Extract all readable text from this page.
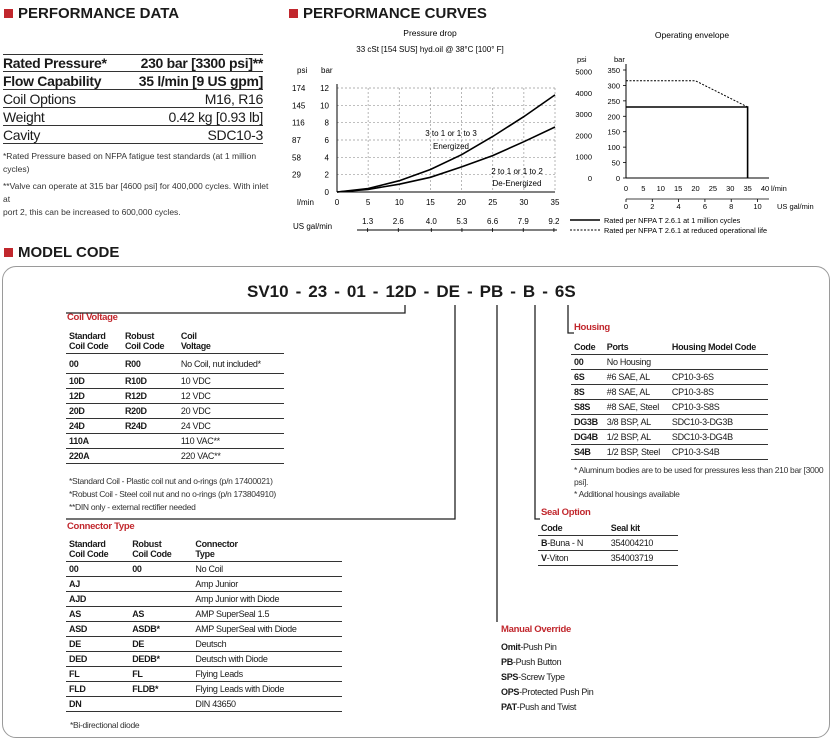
PERFORMANCE DATA
Rated Pressure* 230 bar [3300 psi]**
Flow Capability	35 l/min [9 US gpm]
Coil Options	M16, R16
Weight	0.42 kg [0.93 lb]
Cavity	SDC10-3
*Rated Pressure based on NFPA fatigue test standards (at 1 million cycles)
**Valve can operate at 315 bar [4600 psi] for 400,000 cycles. With inlet at
port 2, this can be increased to 600,000 cycles.
PERFORMANCE CURVES
Pressure drop
33 cSt [154 SUS] hyd.oil @ 38°C [100° F]
psi bar
0
2
4
6
8
10
12
0	5	10	15	20	25	30	35
29
58
87
116
145
174
l/min
US gal/min
1.3 2.6	4.0 5.3 6.6 7.9 9.2
3 to 1 or 1 to 3
Energized
2 to 1 or 1 to 2
De-Energized
Operating envelope
psi	bar
0
50
100
150
200
250
300
350
0
1000
2000
3000
4000
5000
0 5 10 15 20 25 30 35 40 l/min
0	2	4	6	8	10 US gal/min
Rated per NFPA T 2.6.1 at 1 million cycles
Rated per NFPA T 2.6.1 at reduced operational life
MODEL CODE
SV10 - 23 - 01 - 12D - DE - PB - B - 6S
Coil Voltage
Standard
Coil Code	Robust
Coil Code	Coil
Voltage
00	R00	No Coil, nut included*
10D	R10D	10 VDC
12D	R12D	12 VDC
20D	R20D	20 VDC
24D	R24D	24 VDC
110A		110 VAC**
220A		220 VAC**
*Standard Coil - Plastic coil nut and o-rings (p/n 17400021)
*Robust Coil - Steel coil nut and no o-rings (p/n 173804910)
**DIN only - external rectifier needed
Connector Type
Standard
Coil Code	Robust
Coil Code	Connector
Type
00	00	No Coil
AJ		Amp Junior
AJD		Amp Junior with Diode
AS	AS	AMP SuperSeal 1.5
ASD	ASDB*	AMP SuperSeal with Diode
DE	DE	Deutsch
DED	DEDB*	Deutsch with Diode
FL	FL	Flying Leads
FLD	FLDB*	Flying Leads with Diode
DN		DIN 43650
*Bi-directional diode
Housing
Code	Ports	Housing Model Code
00	No Housing	
6S	#6 SAE, AL	CP10-3-6S
8S	#8 SAE, AL	CP10-3-8S
S8S	#8 SAE, Steel	CP10-3-S8S
DG3B	3/8 BSP, AL	SDC10-3-DG3B
DG4B	1/2 BSP, AL	SDC10-3-DG4B
S4B	1/2 BSP, Steel	CP10-3-S4B
* Aluminum bodies are to be used for pressures less than 210 bar [3000 psi].
* Additional housings available
Seal Option
Code	Seal kit
B-Buna - N	354004210
V-Viton	354003719
Manual Override
Omit-Push Pin
PB-Push Button
SPS-Screw Type
OPS-Protected Push Pin
PAT-Push and Twist
